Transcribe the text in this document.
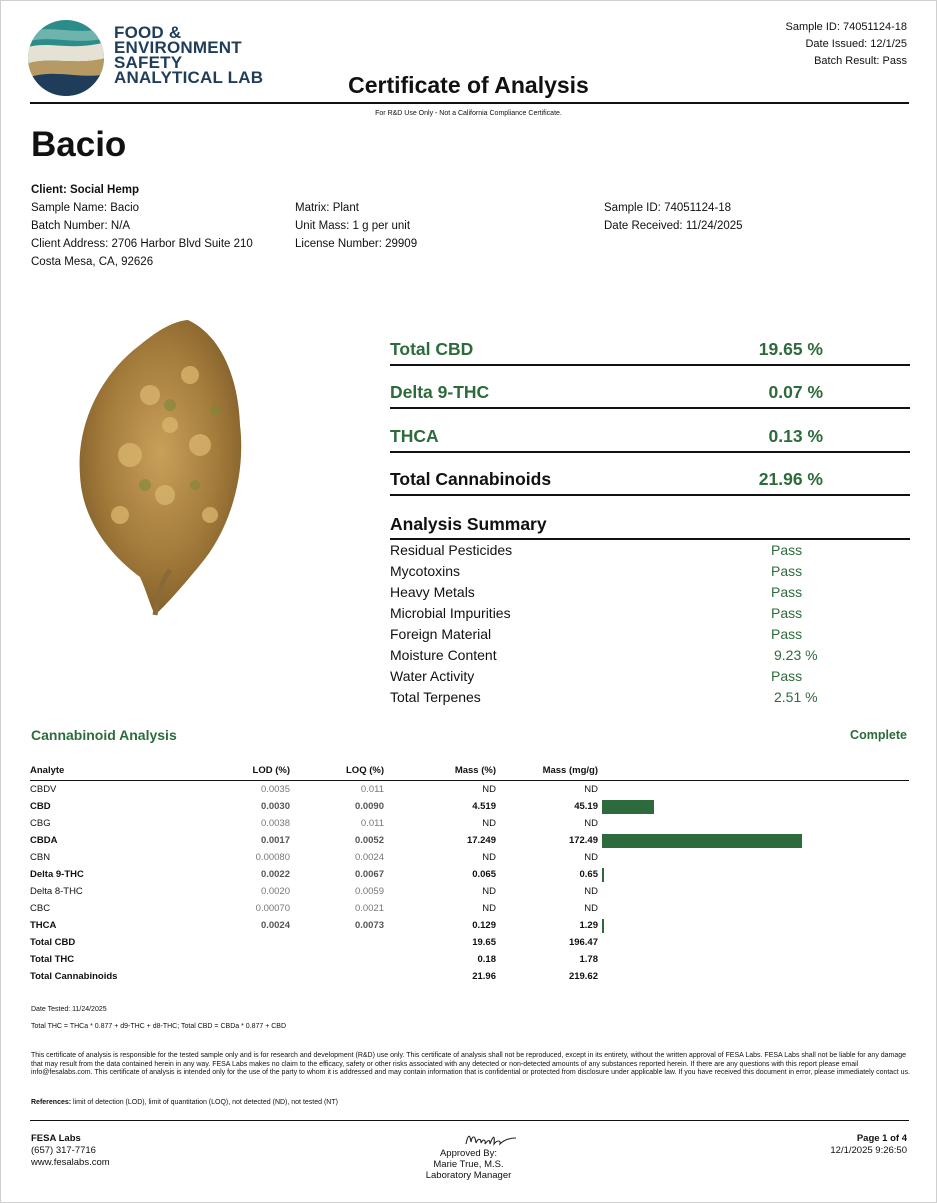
FOOD &
ENVIRONMENT
SAFETY
ANALYTICAL LAB
Sample ID: 74051124-18
Date Issued: 12/1/25
Batch Result: Pass
Certificate of Analysis
For R&D Use Only - Not a California Compliance Certificate.
Bacio
Client: Social Hemp
Sample Name: Bacio
Batch Number: N/A
Client Address: 2706 Harbor Blvd Suite 210
Costa Mesa, CA, 92626
Matrix: Plant
Unit Mass: 1 g per unit
License Number: 29909
Sample ID: 74051124-18
Date Received: 11/24/2025
Total CBD	19.65 %
Delta 9-THC	0.07 %
THCA	0.13 %
Total Cannabinoids	21.96 %
Analysis Summary
Residual Pesticides	Pass
Mycotoxins	Pass
Heavy Metals	Pass
Microbial Impurities	Pass
Foreign Material	Pass
Moisture Content	9.23 %
Water Activity	Pass
Total Terpenes	2.51 %
Cannabinoid Analysis	Complete
Analyte	LOD (%)	LOQ (%)	Mass (%)	Mass (mg/g)	
CBDV	0.0035	0.011	ND	ND	
CBD	0.0030	0.0090	4.519	45.19	
CBG	0.0038	0.011	ND	ND	
CBDA	0.0017	0.0052	17.249	172.49	
CBN	0.00080	0.0024	ND	ND	
Delta 9-THC	0.0022	0.0067	0.065	0.65	
Delta 8-THC	0.0020	0.0059	ND	ND	
CBC	0.00070	0.0021	ND	ND	
THCA	0.0024	0.0073	0.129	1.29	
Total CBD			19.65	196.47	
Total THC			0.18	1.78	
Total Cannabinoids			21.96	219.62	
Date Tested: 11/24/2025
Total THC = THCa * 0.877 + d9-THC + d8-THC; Total CBD = CBDa * 0.877 + CBD
This certificate of analysis is responsible for the tested sample only and is for research and development (R&D) use only. This certificate of analysis shall not be reproduced, except in its entirety, without the written approval of FESA Labs. FESA Labs shall not be liable for any damage that may result from the data contained herein in any way. FESA Labs makes no claim to the efficacy, safety or other risks associated with any detected or non-detected amounts of any substances reported herein. If there are any questions with this report please email info@fesalabs.com. This certificate of analysis is intended only for the use of the party to whom it is addressed and may contain information that is confidential or protected from disclosure under applicable law. If you have received this document in error, please immediately contact us.
References: limit of detection (LOD), limit of quantitation (LOQ), not detected (ND), not tested (NT)
FESA Labs
(657) 317-7716
www.fesalabs.com
Approved By:
Marie True, M.S.
Laboratory Manager
Page 1 of 4
12/1/2025 9:26:50
